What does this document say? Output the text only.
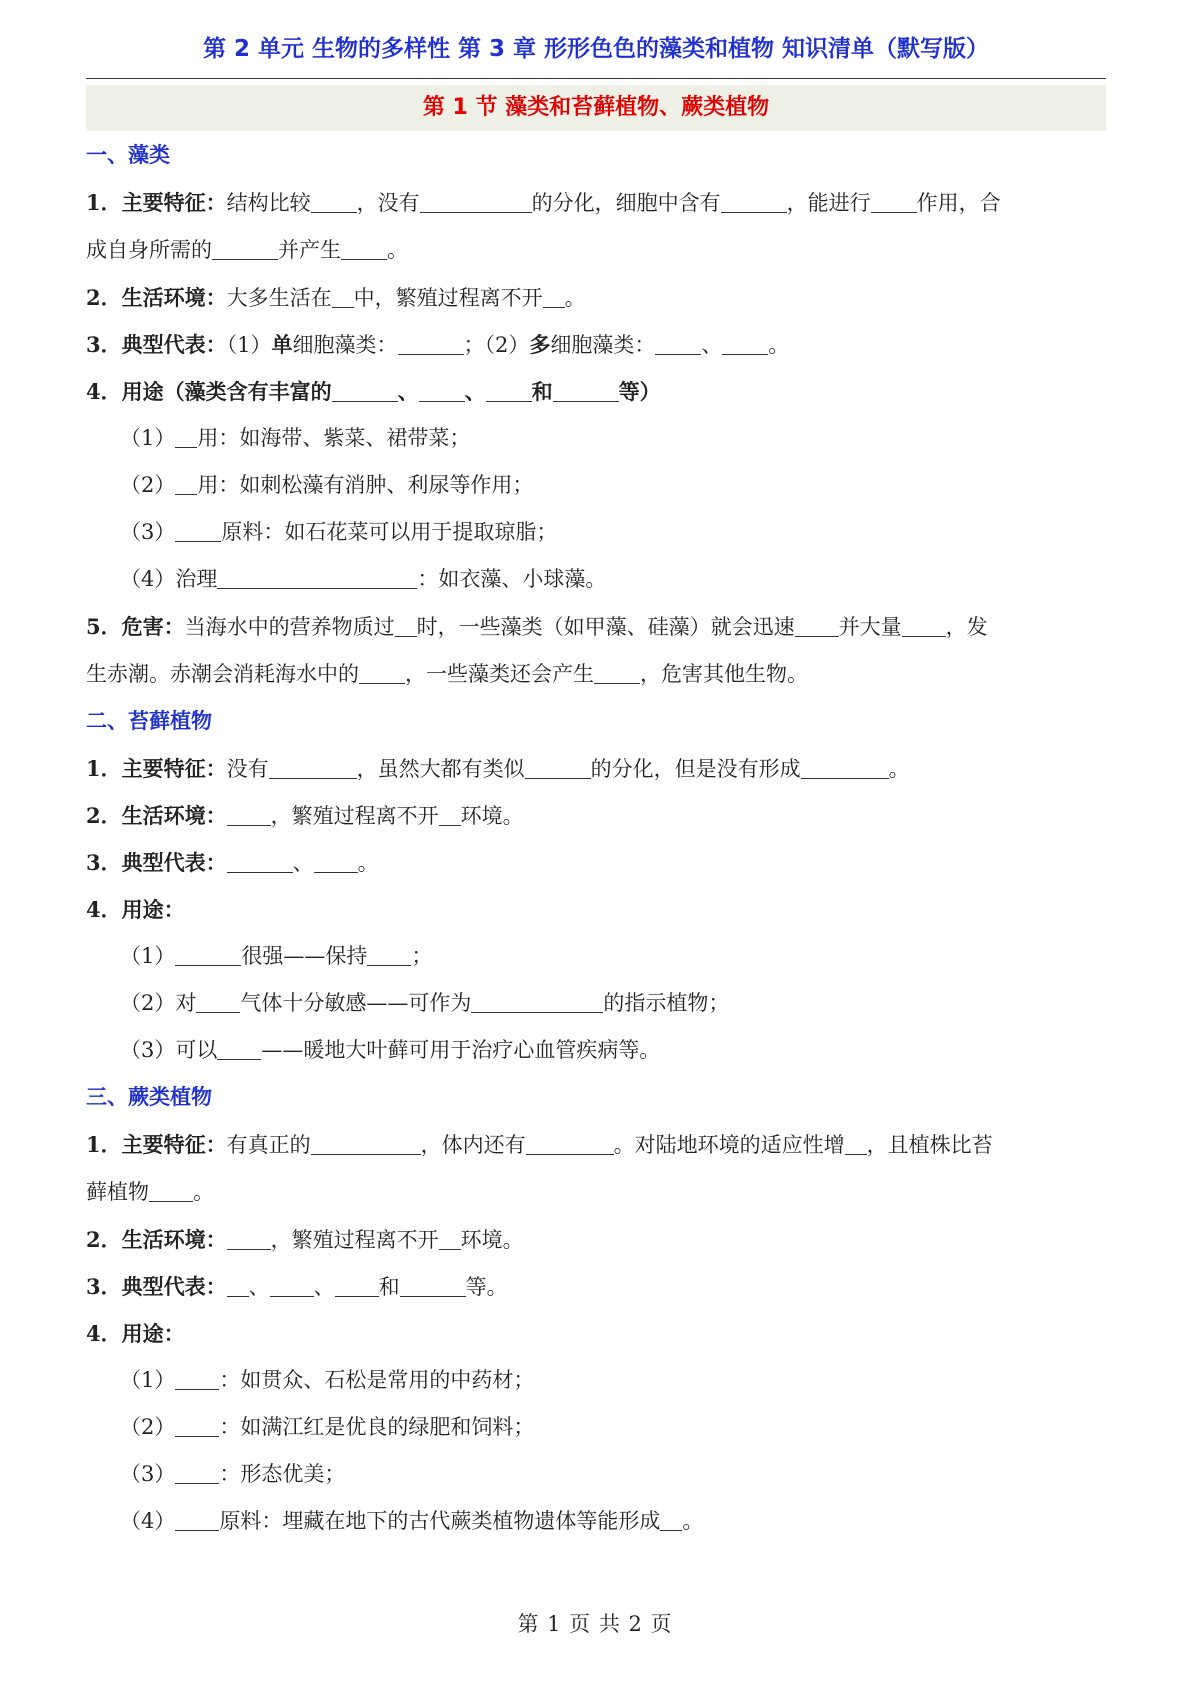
第 2 单元 生物的多样性 第 3 章 形形色色的藻类和植物 知识清单（默写版）
第 1 节 藻类和苔藓植物、蕨类植物
一、藻类
1．主要特征：结构比较 ，没有	的分化，细胞中含有	，能进行 作用，合
成自身所需的	并产生 。
2．生活环境：大多生活在 中，繁殖过程离不开 。
3．典型代表：（1）单细胞藻类：	；（2）多细胞藻类： 、 。
4．用途（藻类含有丰富的	、 、 和	等）
（1） 用：如海带、紫菜、裙带菜；
（2） 用：如刺松藻有消肿、利尿等作用；
（3） 原料：如石花菜可以用于提取琼脂；
（4）治理	：如衣藻、小球藻。
5．危害：当海水中的营养物质过 时，一些藻类（如甲藻、硅藻）就会迅速 并大量 ，发
生赤潮。赤潮会消耗海水中的 ，一些藻类还会产生 ，危害其他生物。
二、苔藓植物
1．主要特征：没有	，虽然大都有类似	的分化，但是没有形成	。
2．生活环境： ，繁殖过程离不开 环境。
3．典型代表：	、 。
4．用途：
（1）	很强——保持 ；
（2）对 气体十分敏感——可作为	的指示植物；
（3）可以 ——暖地大叶藓可用于治疗心血管疾病等。
三、蕨类植物
1．主要特征：有真正的	，体内还有	。对陆地环境的适应性增 ，且植株比苔
藓植物 。
2．生活环境： ，繁殖过程离不开 环境。
3．典型代表： 、 、 和	等。
4．用途：
（1） ：如贯众、石松是常用的中药材；
（2） ：如满江红是优良的绿肥和饲料；
（3） ：形态优美；
（4） 原料：埋藏在地下的古代蕨类植物遗体等能形成 。
第 1 页 共 2 页
